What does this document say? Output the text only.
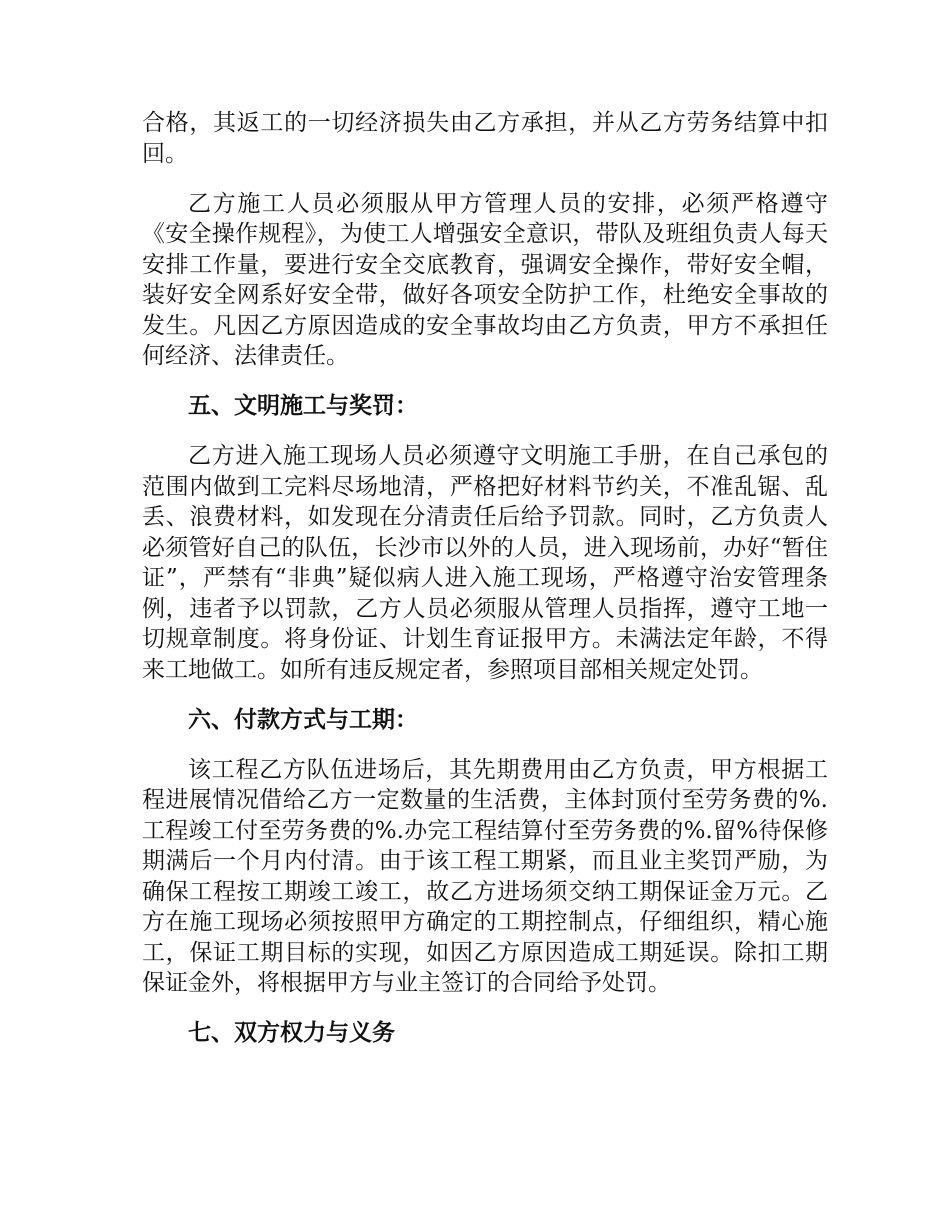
合格，其返工的一切经济损失由乙方承担，并从乙方劳务结算中扣回。

乙方施工人员必须服从甲方管理人员的安排，必须严格遵守《安全操作规程》，为使工人增强安全意识，带队及班组负责人每天安排工作量，要进行安全交底教育，强调安全操作，带好安全帽，装好安全网系好安全带，做好各项安全防护工作，杜绝安全事故的发生。凡因乙方原因造成的安全事故均由乙方负责，甲方不承担任何经济、法律责任。

五、文明施工与奖罚：

乙方进入施工现场人员必须遵守文明施工手册，在自己承包的范围内做到工完料尽场地清，严格把好材料节约关，不准乱锯、乱丢、浪费材料，如发现在分清责任后给予罚款。同时，乙方负责人必须管好自己的队伍，长沙市以外的人员，进入现场前，办好“暂住证”，严禁有“非典”疑似病人进入施工现场，严格遵守治安管理条例，违者予以罚款，乙方人员必须服从管理人员指挥，遵守工地一切规章制度。将身份证、计划生育证报甲方。未满法定年龄，不得来工地做工。如所有违反规定者，参照项目部相关规定处罚。

六、付款方式与工期：

该工程乙方队伍进场后，其先期费用由乙方负责，甲方根据工程进展情况借给乙方一定数量的生活费，主体封顶付至劳务费的%.工程竣工付至劳务费的%.办完工程结算付至劳务费的%.留%待保修期满后一个月内付清。由于该工程工期紧，而且业主奖罚严励，为确保工程按工期竣工竣工，故乙方进场须交纳工期保证金万元。乙方在施工现场必须按照甲方确定的工期控制点，仔细组织，精心施工，保证工期目标的实现，如因乙方原因造成工期延误。除扣工期保证金外，将根据甲方与业主签订的合同给予处罚。

七、双方权力与义务
